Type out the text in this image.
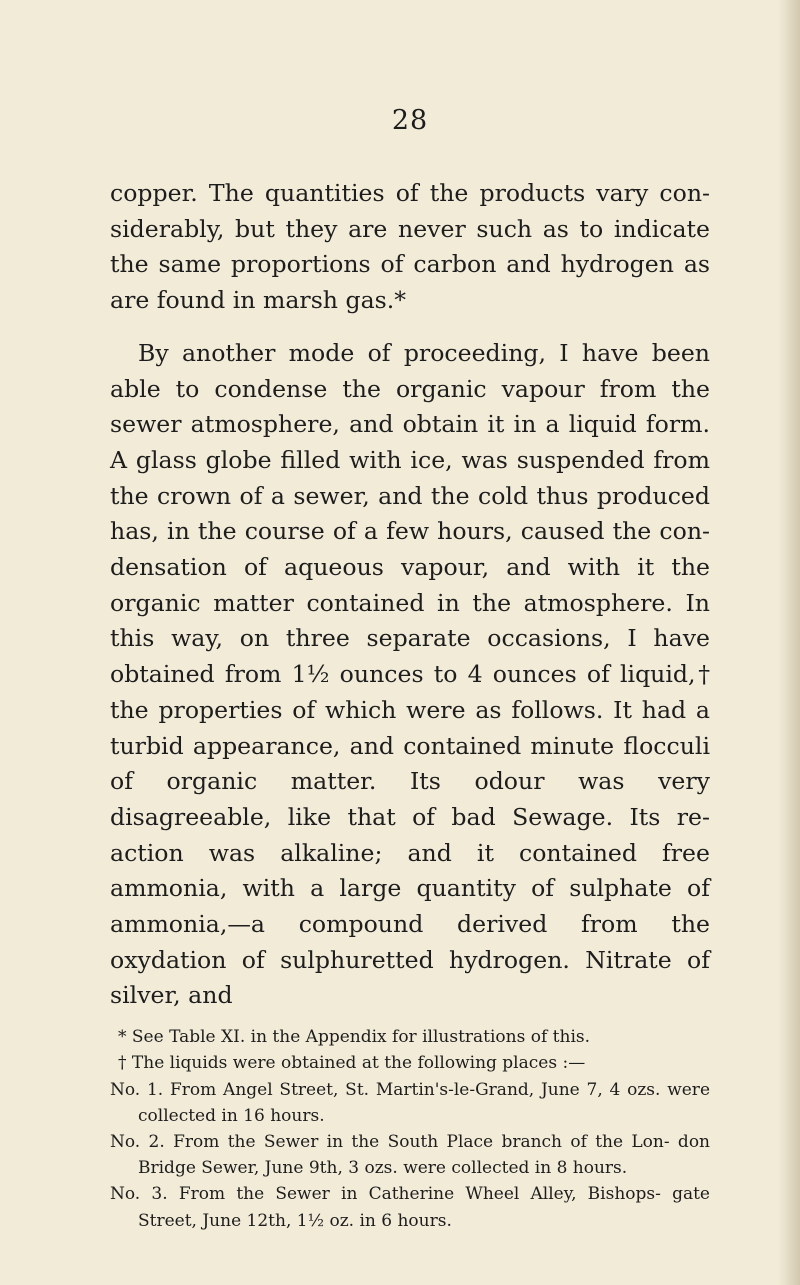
28

copper. The quantities of the products vary con- siderably, but they are never such as to indicate the same proportions of carbon and hydrogen as are found in marsh gas.*

By another mode of proceeding, I have been able to condense the organic vapour from the sewer atmosphere, and obtain it in a liquid form. A glass globe filled with ice, was suspended from the crown of a sewer, and the cold thus produced has, in the course of a few hours, caused the con- densation of aqueous vapour, and with it the organic matter contained in the atmosphere. In this way, on three separate occasions, I have obtained from 1½ ounces to 4 ounces of liquid,† the properties of which were as follows. It had a turbid appearance, and contained minute flocculi of organic matter. Its odour was very disagreeable, like that of bad Sewage. Its re-action was alkaline; and it contained free ammonia, with a large quantity of sulphate of ammonia,—a compound derived from the oxydation of sulphuretted hydrogen. Nitrate of silver, and

* See Table XI. in the Appendix for illustrations of this.

† The liquids were obtained at the following places :—

No. 1. From Angel Street, St. Martin's-le-Grand, June 7, 4 ozs. were collected in 16 hours.

No. 2. From the Sewer in the South Place branch of the Lon- don Bridge Sewer, June 9th, 3 ozs. were collected in 8 hours.

No. 3. From the Sewer in Catherine Wheel Alley, Bishops- gate Street, June 12th, 1½ oz. in 6 hours.
